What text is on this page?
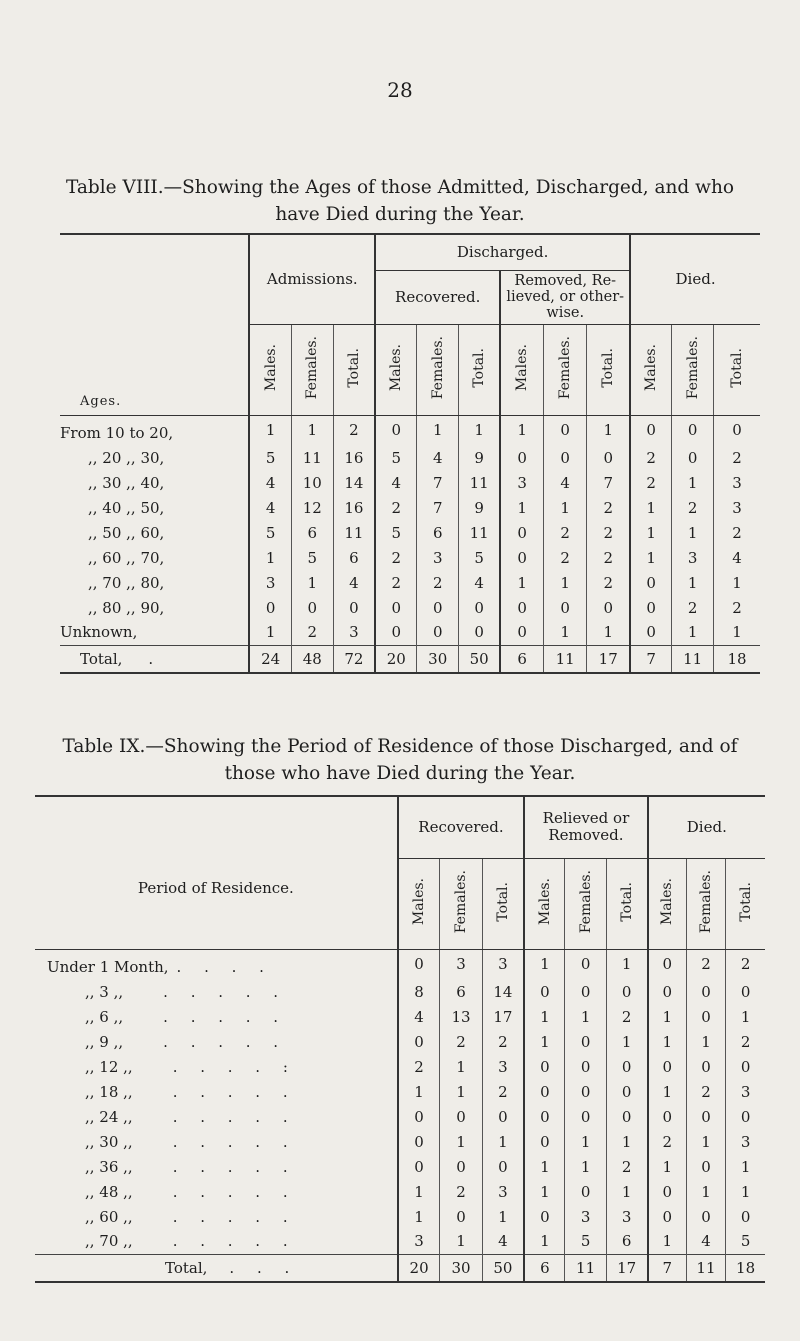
28
Table VIII.—Showing the Ages of those Admitted, Discharged, and who
have Died during the Year.
Ages.	Admissions.			Discharged.						Died.		
				Recovered.			Removed, Re- lieved, or other- wise.					
	Males.	Females.	Total.	Males.	Females.	Total.	Males.	Females.	Total.	Males.	Females.	Total.
From 10 to 20,	1	1	2	0	1	1	1	0	1	0	0	0
,, 20 ,, 30,	5	11	16	5	4	9	0	0	0	2	0	2
,, 30 ,, 40,	4	10	14	4	7	11	3	4	7	2	1	3
,, 40 ,, 50,	4	12	16	2	7	9	1	1	2	1	2	3
,, 50 ,, 60,	5	6	11	5	6	11	0	2	2	1	1	2
,, 60 ,, 70,	1	5	6	2	3	5	0	2	2	1	3	4
,, 70 ,, 80,	3	1	4	2	2	4	1	1	2	0	1	1
,, 80 ,, 90,	0	0	0	0	0	0	0	0	0	0	2	2
Unknown,	1	2	3	0	0	0	0	1	1	0	1	1
Total, .	24	48	72	20	30	50	6	11	17	7	11	18
Table IX.—Showing the Period of Residence of those Discharged, and of
those who have Died during the Year.
Period of Residence.	Recovered.			Relieved or Removed.			Died.		
	Males.	Females.	Total.	Males.	Females.	Total.	Males.	Females.	Total.
Under 1 Month, . . . .	0	3	3	1	0	1	0	2	2
,, 3 ,, . . . . .	8	6	14	0	0	0	0	0	0
,, 6 ,, . . . . .	4	13	17	1	1	2	1	0	1
,, 9 ,, . . . . .	0	2	2	1	0	1	1	1	2
,, 12 ,, . . . . :	2	1	3	0	0	0	0	0	0
,, 18 ,, . . . . .	1	1	2	0	0	0	1	2	3
,, 24 ,, . . . . .	0	0	0	0	0	0	0	0	0
,, 30 ,, . . . . .	0	1	1	0	1	1	2	1	3
,, 36 ,, . . . . .	0	0	0	1	1	2	1	0	1
,, 48 ,, . . . . .	1	2	3	1	0	1	0	1	1
,, 60 ,, . . . . .	1	0	1	0	3	3	0	0	0
,, 70 ,, . . . . .	3	1	4	1	5	6	1	4	5
Total, . . .	20	30	50	6	11	17	7	11	18
